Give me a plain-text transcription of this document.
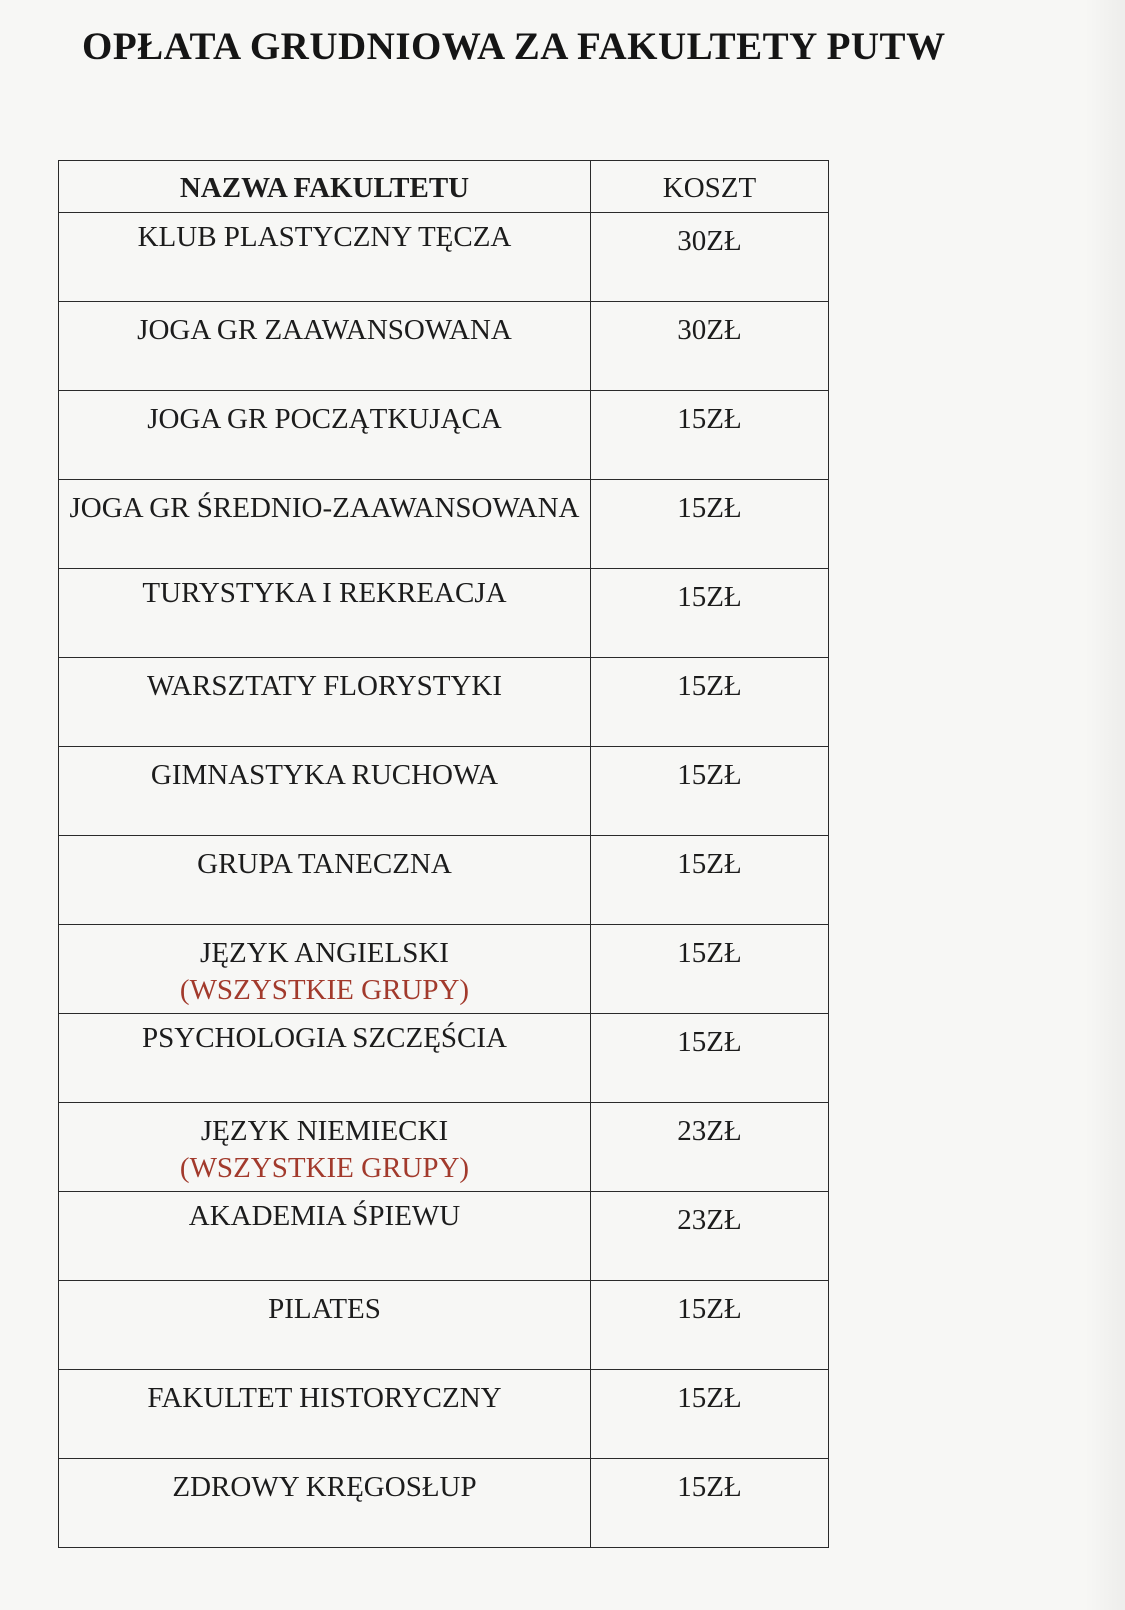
OPŁATA GRUDNIOWA ZA FAKULTETY PUTW
NAZWA FAKULTETU	KOSZT
KLUB PLASTYCZNY TĘCZA	30ZŁ
JOGA GR ZAAWANSOWANA	30ZŁ
JOGA GR POCZĄTKUJĄCA	15ZŁ
JOGA GR ŚREDNIO-ZAAWANSOWANA	15ZŁ
TURYSTYKA I REKREACJA	15ZŁ
WARSZTATY FLORYSTYKI	15ZŁ
GIMNASTYKA RUCHOWA	15ZŁ
GRUPA TANECZNA	15ZŁ
JĘZYK ANGIELSKI
(WSZYSTKIE GRUPY)	15ZŁ
PSYCHOLOGIA SZCZĘŚCIA	15ZŁ
JĘZYK NIEMIECKI
(WSZYSTKIE GRUPY)	23ZŁ
AKADEMIA ŚPIEWU	23ZŁ
PILATES	15ZŁ
FAKULTET HISTORYCZNY	15ZŁ
ZDROWY KRĘGOSŁUP	15ZŁ
